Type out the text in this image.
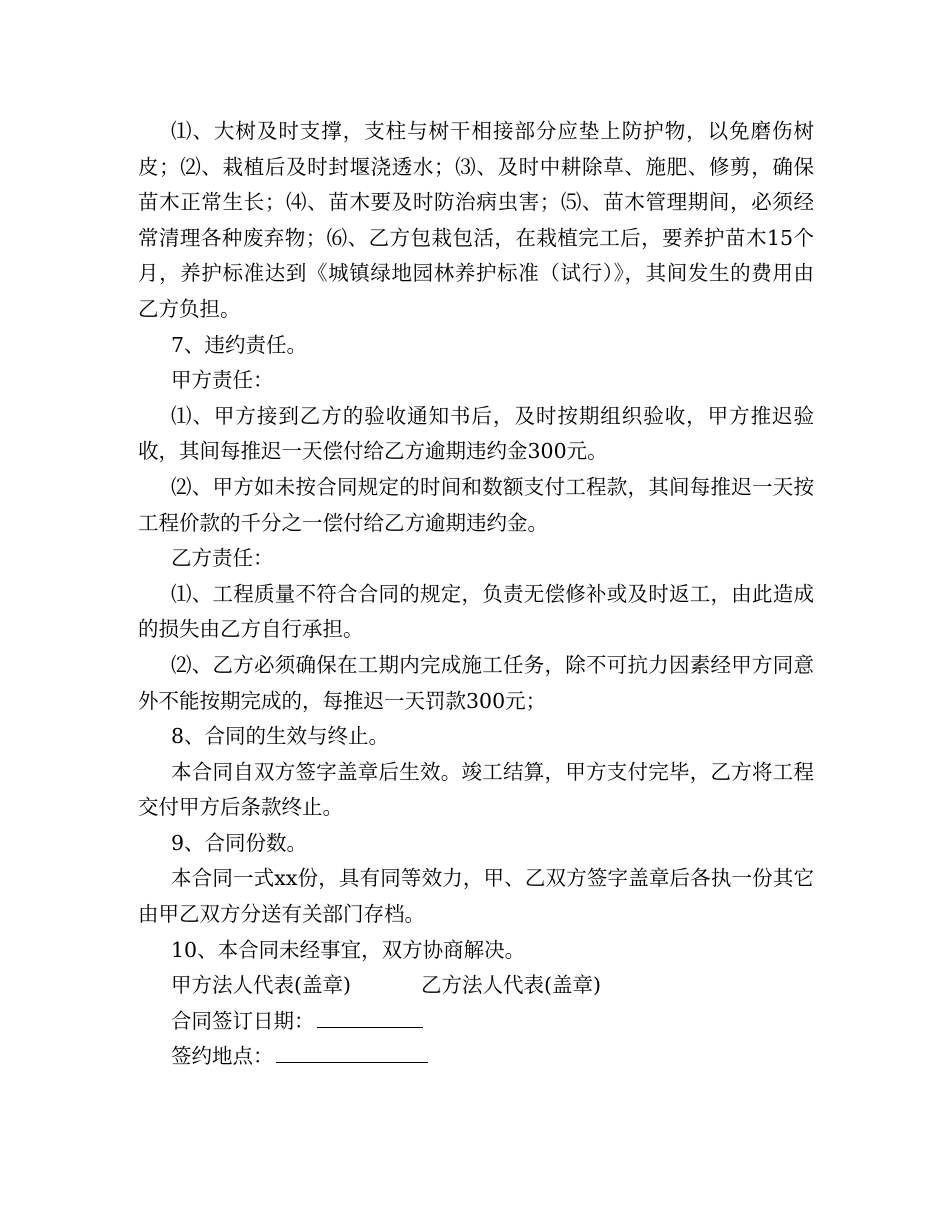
⑴、大树及时支撑，支柱与树干相接部分应垫上防护物，以免磨伤树皮；⑵、栽植后及时封堰浇透水；⑶、及时中耕除草、施肥、修剪，确保苗木正常生长；⑷、苗木要及时防治病虫害；⑸、苗木管理期间，必须经常清理各种废弃物；⑹、乙方包栽包活，在栽植完工后，要养护苗木15个月，养护标准达到《城镇绿地园林养护标准（试行）》，其间发生的费用由乙方负担。

7、违约责任。

甲方责任：

⑴、甲方接到乙方的验收通知书后，及时按期组织验收，甲方推迟验收，其间每推迟一天偿付给乙方逾期违约金300元。

⑵、甲方如未按合同规定的时间和数额支付工程款，其间每推迟一天按工程价款的千分之一偿付给乙方逾期违约金。

乙方责任：

⑴、工程质量不符合合同的规定，负责无偿修补或及时返工，由此造成的损失由乙方自行承担。

⑵、乙方必须确保在工期内完成施工任务，除不可抗力因素经甲方同意外不能按期完成的，每推迟一天罚款300元；

8、合同的生效与终止。

本合同自双方签字盖章后生效。竣工结算，甲方支付完毕，乙方将工程交付甲方后条款终止。

9、合同份数。

本合同一式xx份，具有同等效力，甲、乙双方签字盖章后各执一份其它由甲乙双方分送有关部门存档。

10、本合同未经事宜，双方协商解决。

甲方法人代表(盖章)	乙方法人代表(盖章)
合同签订日期：
签约地点：
